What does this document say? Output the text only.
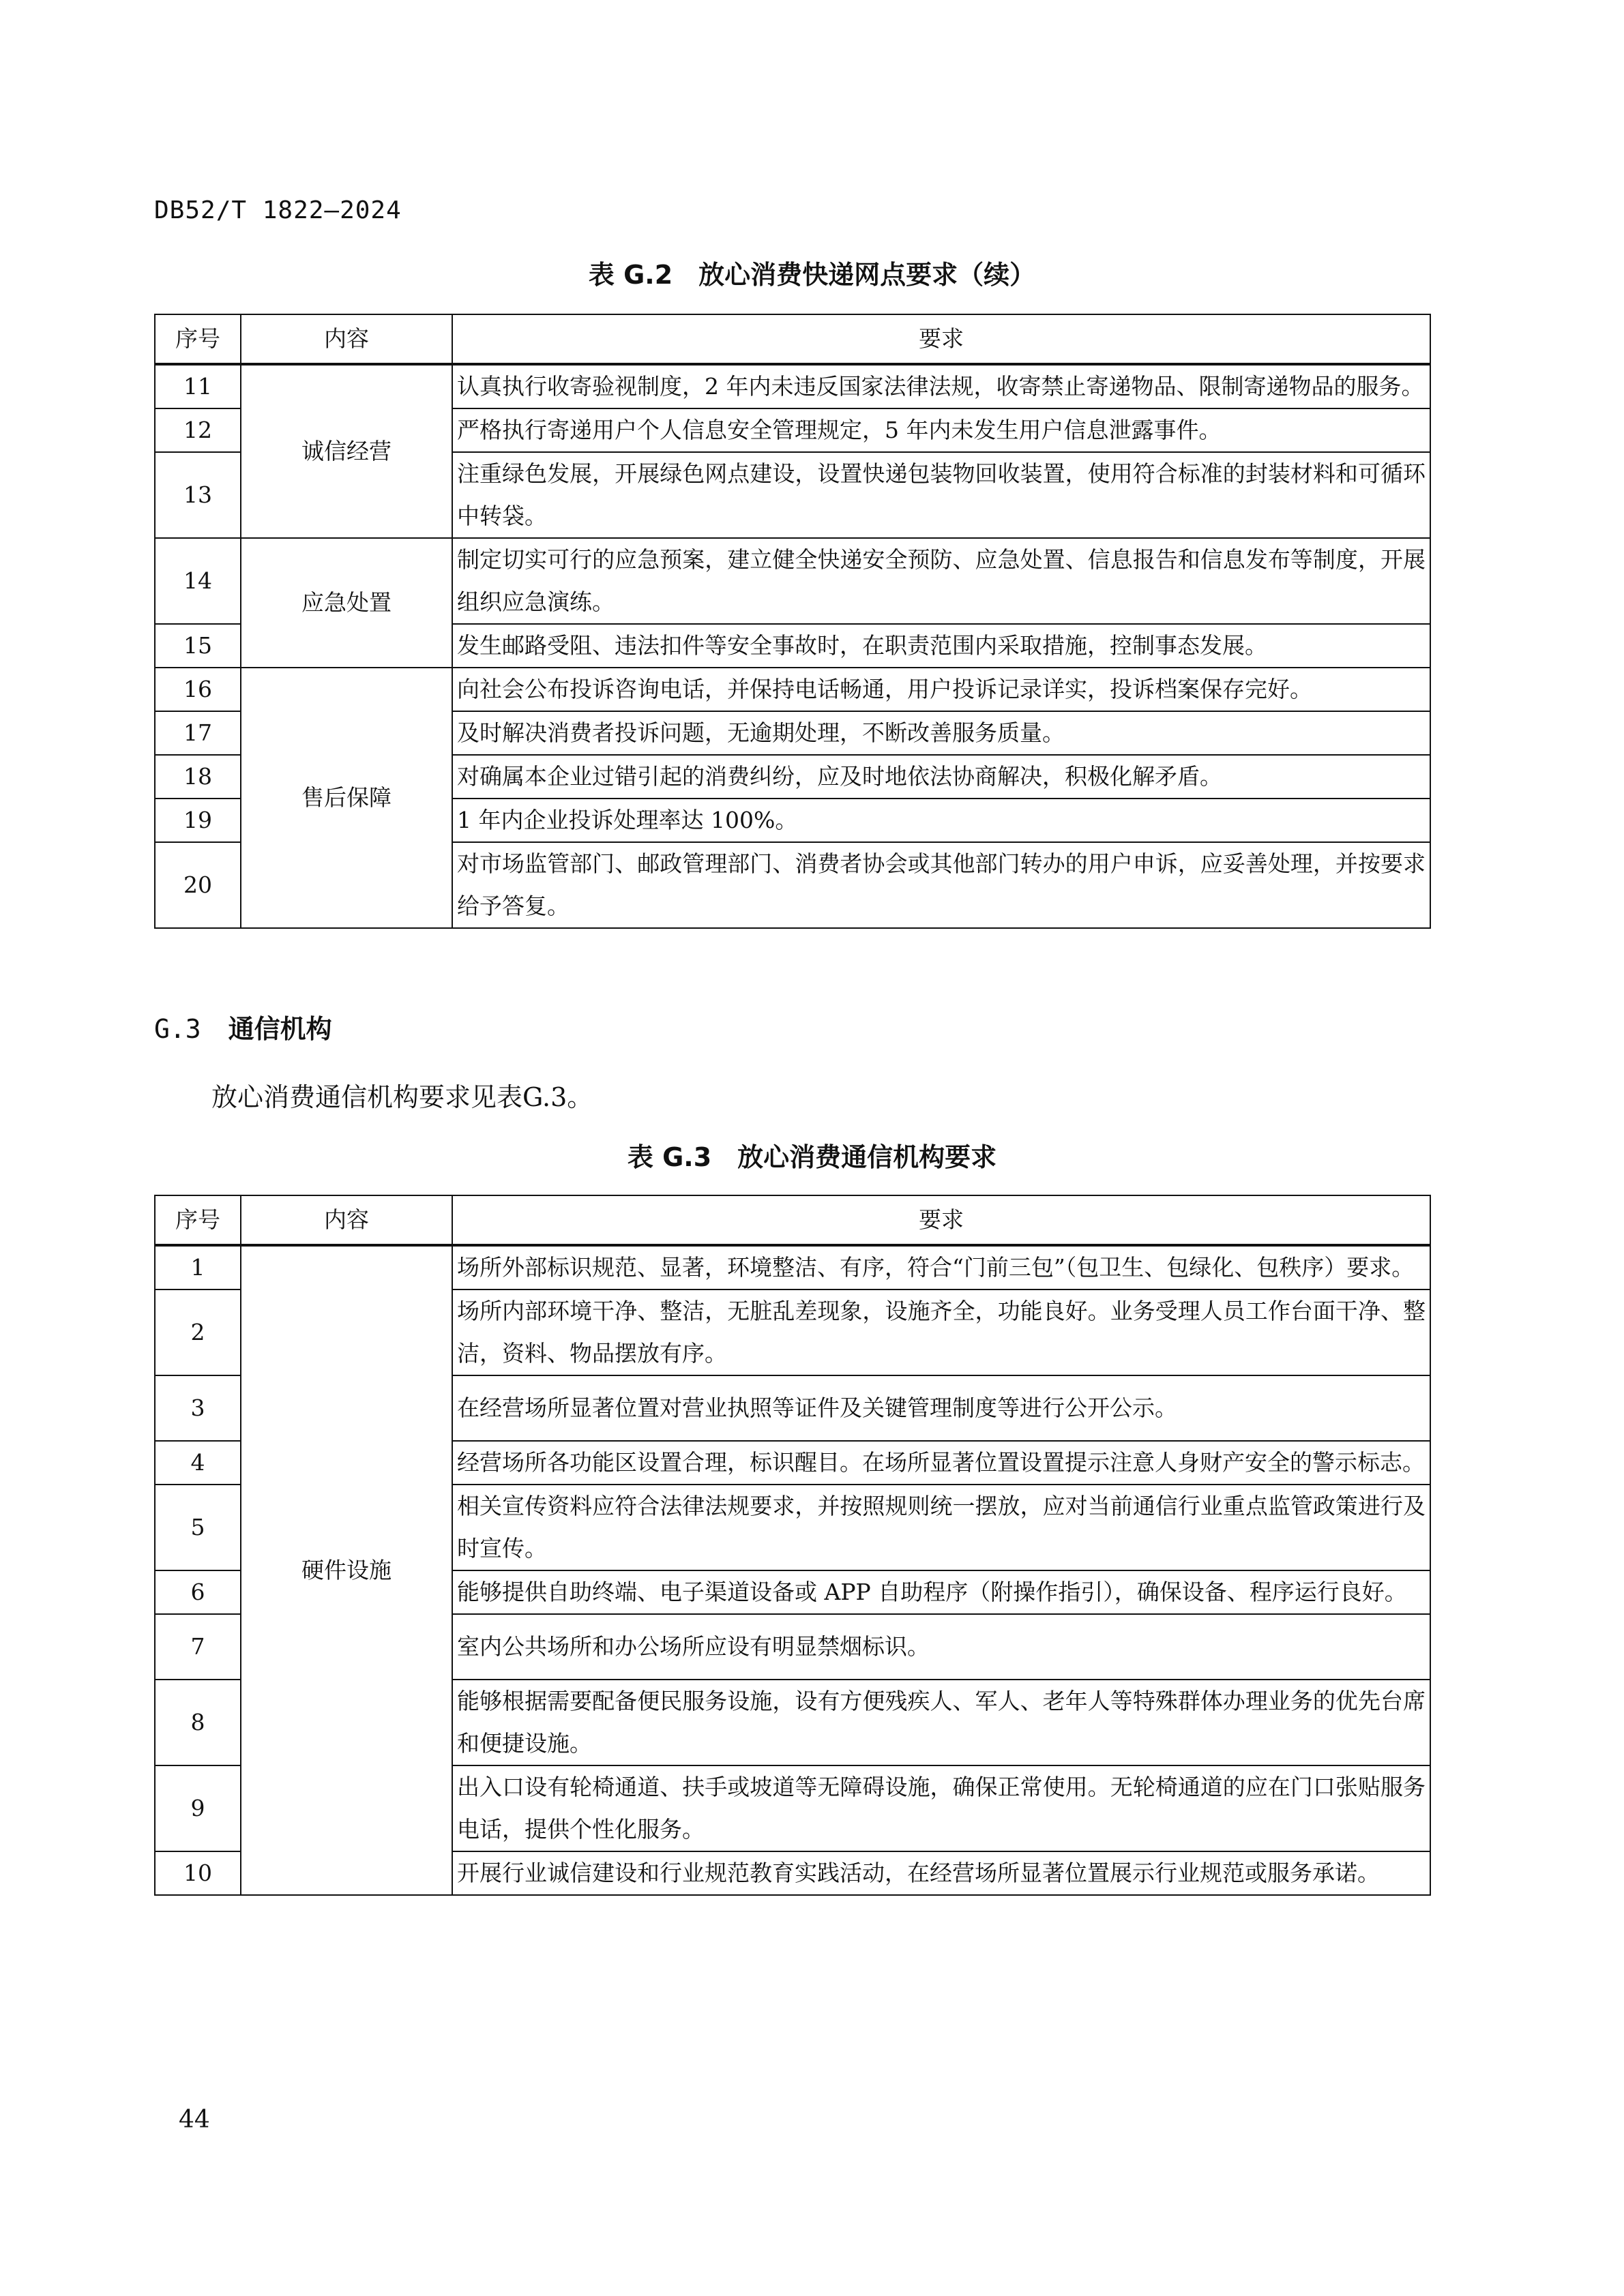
DB52/T 1822—2024
表 G.2　放心消费快递网点要求（续）
序号	内容	要求
11	诚信经营	认真执行收寄验视制度，2 年内未违反国家法律法规，收寄禁止寄递物品、限制寄递物品的服务。
12		严格执行寄递用户个人信息安全管理规定，5 年内未发生用户信息泄露事件。
13		注重绿色发展，开展绿色网点建设，设置快递包装物回收装置，使用符合标准的封装材料和可循环中转袋。
14	应急处置	制定切实可行的应急预案，建立健全快递安全预防、应急处置、信息报告和信息发布等制度，开展组织应急演练。
15		发生邮路受阻、违法扣件等安全事故时，在职责范围内采取措施，控制事态发展。
16	售后保障	向社会公布投诉咨询电话，并保持电话畅通，用户投诉记录详实，投诉档案保存完好。
17		及时解决消费者投诉问题，无逾期处理，不断改善服务质量。
18		对确属本企业过错引起的消费纠纷，应及时地依法协商解决，积极化解矛盾。
19		1 年内企业投诉处理率达 100%。
20		对市场监管部门、邮政管理部门、消费者协会或其他部门转办的用户申诉，应妥善处理，并按要求给予答复。
G.3 通信机构
放心消费通信机构要求见表G.3。
表 G.3　放心消费通信机构要求
序号	内容	要求
1	硬件设施	场所外部标识规范、显著，环境整洁、有序，符合“门前三包”（包卫生、包绿化、包秩序）要求。
2		场所内部环境干净、整洁，无脏乱差现象，设施齐全，功能良好。业务受理人员工作台面干净、整洁，资料、物品摆放有序。
3		在经营场所显著位置对营业执照等证件及关键管理制度等进行公开公示。
4		经营场所各功能区设置合理，标识醒目。在场所显著位置设置提示注意人身财产安全的警示标志。
5		相关宣传资料应符合法律法规要求，并按照规则统一摆放，应对当前通信行业重点监管政策进行及时宣传。
6		能够提供自助终端、电子渠道设备或 APP 自助程序（附操作指引），确保设备、程序运行良好。
7		室内公共场所和办公场所应设有明显禁烟标识。
8		能够根据需要配备便民服务设施，设有方便残疾人、军人、老年人等特殊群体办理业务的优先台席和便捷设施。
9		出入口设有轮椅通道、扶手或坡道等无障碍设施，确保正常使用。无轮椅通道的应在门口张贴服务电话，提供个性化服务。
10		开展行业诚信建设和行业规范教育实践活动，在经营场所显著位置展示行业规范或服务承诺。
44
